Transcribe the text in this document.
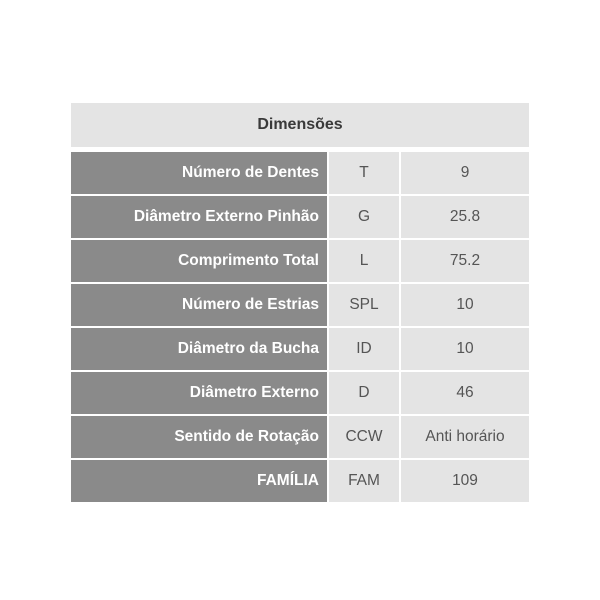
Dimensões
Número de Dentes	T	9
Diâmetro Externo Pinhão	G	25.8
Comprimento Total	L	75.2
Número de Estrias	SPL	10
Diâmetro da Bucha	ID	10
Diâmetro Externo	D	46
Sentido de Rotação	CCW	Anti horário
FAMÍLIA	FAM	109
